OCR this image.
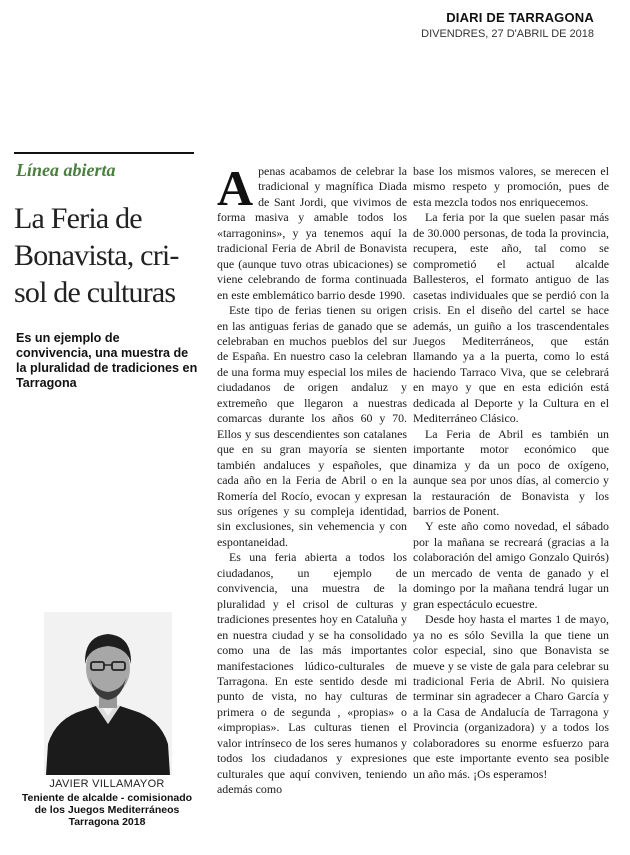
DIARI DE TARRAGONA
DIVENDRES, 27 D'ABRIL DE 2018
Línea abierta
La Feria de Bonavista, cri-sol de culturas
Es un ejemplo de convivencia, una muestra de la pluralidad de tradiciones en Tarragona
JAVIER VILLAMAYOR
Teniente de alcalde - comisionado de los Juegos Mediterráneos Tarragona 2018

Apenas acabamos de celebrar la tradicional y magnífica Diada de Sant Jordi, que vivimos de forma masiva y amable todos los «tarragonins», y ya tenemos aquí la tradicional Feria de Abril de Bonavista que (aunque tuvo otras ubicaciones) se viene celebrando de forma continuada en este emblemático barrio desde 1990.

Este tipo de ferias tienen su origen en las antiguas ferias de ganado que se celebraban en muchos pueblos del sur de España. En nuestro caso la celebran de una forma muy especial los miles de ciudadanos de origen andaluz y extremeño que llegaron a nuestras comarcas durante los años 60 y 70. Ellos y sus descendientes son catalanes que en su gran mayoría se sienten también andaluces y españoles, que cada año en la Feria de Abril o en la Romería del Rocío, evocan y expresan sus orígenes y su compleja identidad, sin exclusiones, sin vehemencia y con espontaneidad.

Es una feria abierta a todos los ciudadanos, un ejemplo de convivencia, una muestra de la pluralidad y el crisol de culturas y tradiciones presentes hoy en Cataluña y en nuestra ciudad y se ha consolidado como una de las más importantes manifestaciones lúdico-culturales de Tarragona. En este sentido desde mi punto de vista, no hay culturas de primera o de segunda , «propias» o «impropias». Las culturas tienen el valor intrínseco de los seres humanos y todos los ciudadanos y expresiones culturales que aquí conviven, teniendo además como

base los mismos valores, se merecen el mismo respeto y promoción, pues de esta mezcla todos nos enriquecemos.

La feria por la que suelen pasar más de 30.000 personas, de toda la provincia, recupera, este año, tal como se comprometió el actual alcalde Ballesteros, el formato antiguo de las casetas individuales que se perdió con la crisis. En el diseño del cartel se hace además, un guiño a los trascendentales Juegos Mediterráneos, que están llamando ya a la puerta, como lo está haciendo Tarraco Viva, que se celebrará en mayo y que en esta edición está dedicada al Deporte y la Cultura en el Mediterráneo Clásico.

La Feria de Abril es también un importante motor económico que dinamiza y da un poco de oxígeno, aunque sea por unos días, al comercio y la restauración de Bonavista y los barrios de Ponent.

Y este año como novedad, el sábado por la mañana se recreará (gracias a la colaboración del amigo Gonzalo Quirós) un mercado de venta de ganado y el domingo por la mañana tendrá lugar un gran espectáculo ecuestre.

Desde hoy hasta el martes 1 de mayo, ya no es sólo Sevilla la que tiene un color especial, sino que Bonavista se mueve y se viste de gala para celebrar su tradicional Feria de Abril. No quisiera terminar sin agradecer a Charo García y a la Casa de Andalucía de Tarragona y Provincia (organizadora) y a todos los colaboradores su enorme esfuerzo para que este importante evento sea posible un año más. ¡Os esperamos!
